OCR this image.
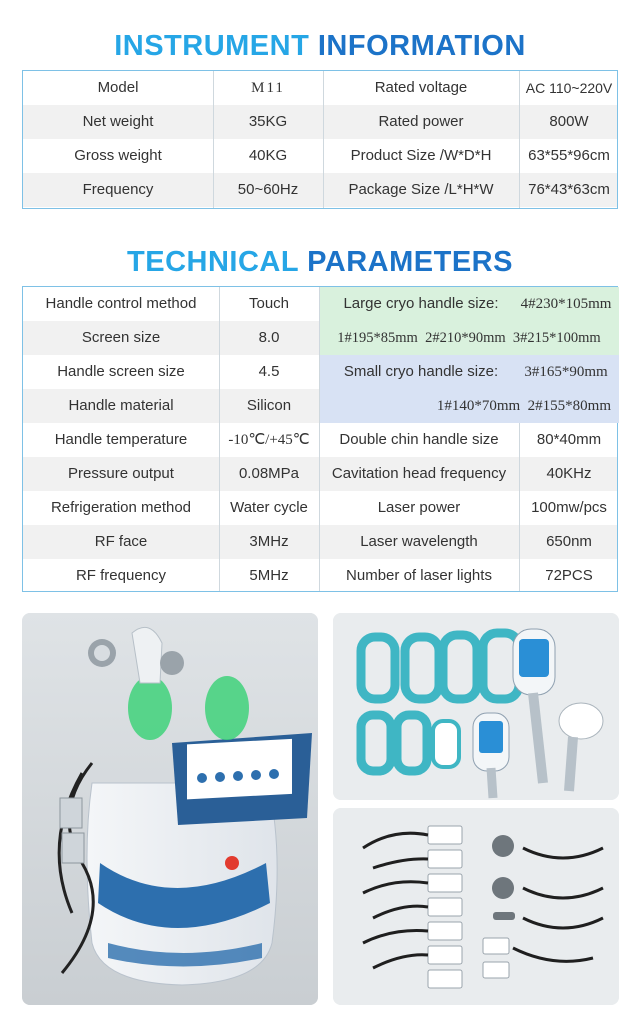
INSTRUMENT INFORMATION
Model	M11	Rated voltage	AC 110~220V
Net weight	35KG	Rated power	800W
Gross weight	40KG	Product Size /W*D*H	63*55*96cm
Frequency	50~60Hz	Package Size /L*H*W	76*43*63cm
TECHNICAL PARAMETERS
Handle control method	Touch	Large cryo handle size:	4#230*105mm
Screen size	8.0	1#195*85mm  2#210*90mm  3#215*100mm
Handle screen size	4.5	Small cryo handle size:	3#165*90mm
Handle material	Silicon	1#140*70mm  2#155*80mm
Handle temperature	-10℃/+45℃	Double chin handle size	80*40mm
Pressure output	0.08MPa	Cavitation head frequency	40KHz
Refrigeration method	Water cycle	Laser power	100mw/pcs
RF face	3MHz	Laser wavelength	650nm
RF frequency	5MHz	Number of laser lights	72PCS
